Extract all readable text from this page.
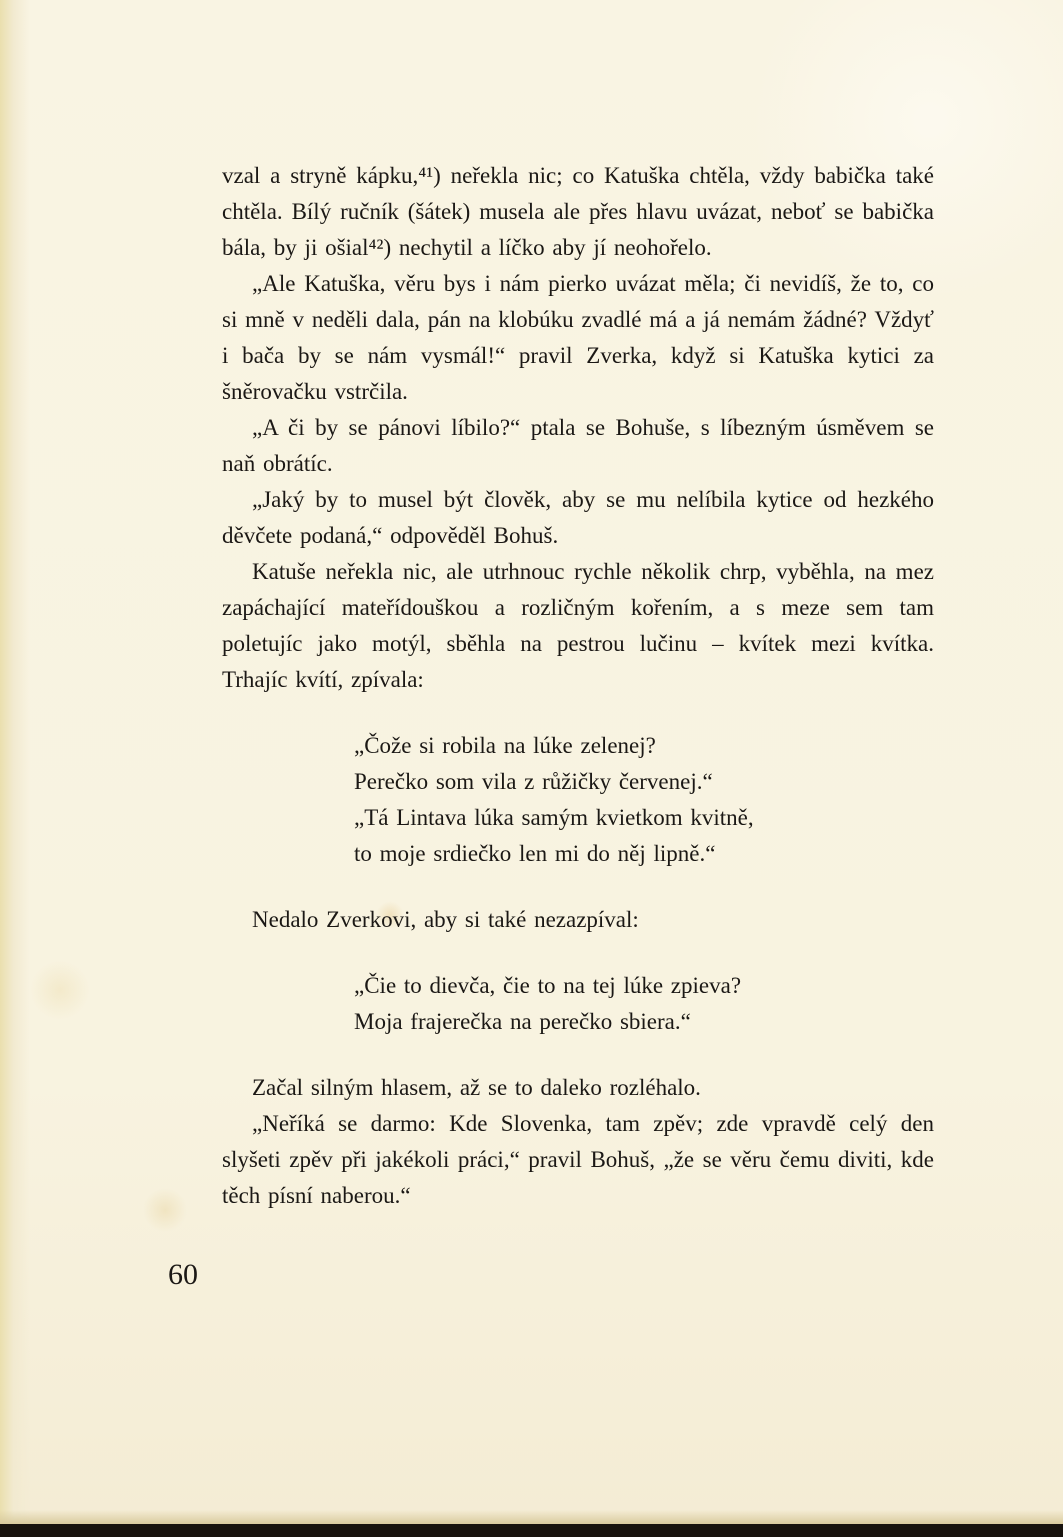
vzal a stryně kápku,⁴¹) neřekla nic; co Katuška chtěla, vždy babička také chtěla. Bílý ručník (šátek) musela ale přes hlavu uvázat, neboť se babička bála, by ji ošial⁴²) nechytil a líčko aby jí neohořelo.

„Ale Katuška, věru bys i nám pierko uvázat měla; či nevidíš, že to, co si mně v neděli dala, pán na klobúku zvadlé má a já nemám žádné? Vždyť i bača by se nám vysmál!“ pravil Zverka, když si Katuška kytici za šněrovačku vstrčila.

„A či by se pánovi líbilo?“ ptala se Bohuše, s líbezným úsměvem se naň obrátíc.

„Jaký by to musel být člověk, aby se mu nelíbila kytice od hezkého děvčete podaná,“ odpověděl Bohuš.

Katuše neřekla nic, ale utrhnouc rychle několik chrp, vyběhla, na mez zapáchající mateřídouškou a rozličným kořením, a s meze sem tam poletujíc jako motýl, sběhla na pestrou lučinu – kvítek mezi kvítka. Trhajíc kvítí, zpívala:

„Čože si robila na lúke zelenej?
Perečko som vila z růžičky červenej.“
„Tá Lintava lúka samým kvietkom kvitně,
to moje srdiečko len mi do něj lipně.“

Nedalo Zverkovi, aby si také nezazpíval:

„Čie to dievča, čie to na tej lúke zpieva?
Moja frajerečka na perečko sbiera.“

Začal silným hlasem, až se to daleko rozléhalo.

„Neříká se darmo: Kde Slovenka, tam zpěv; zde vpravdě celý den slyšeti zpěv při jakékoli práci,“ pravil Bohuš, „že se věru čemu diviti, kde těch písní naberou.“

60
